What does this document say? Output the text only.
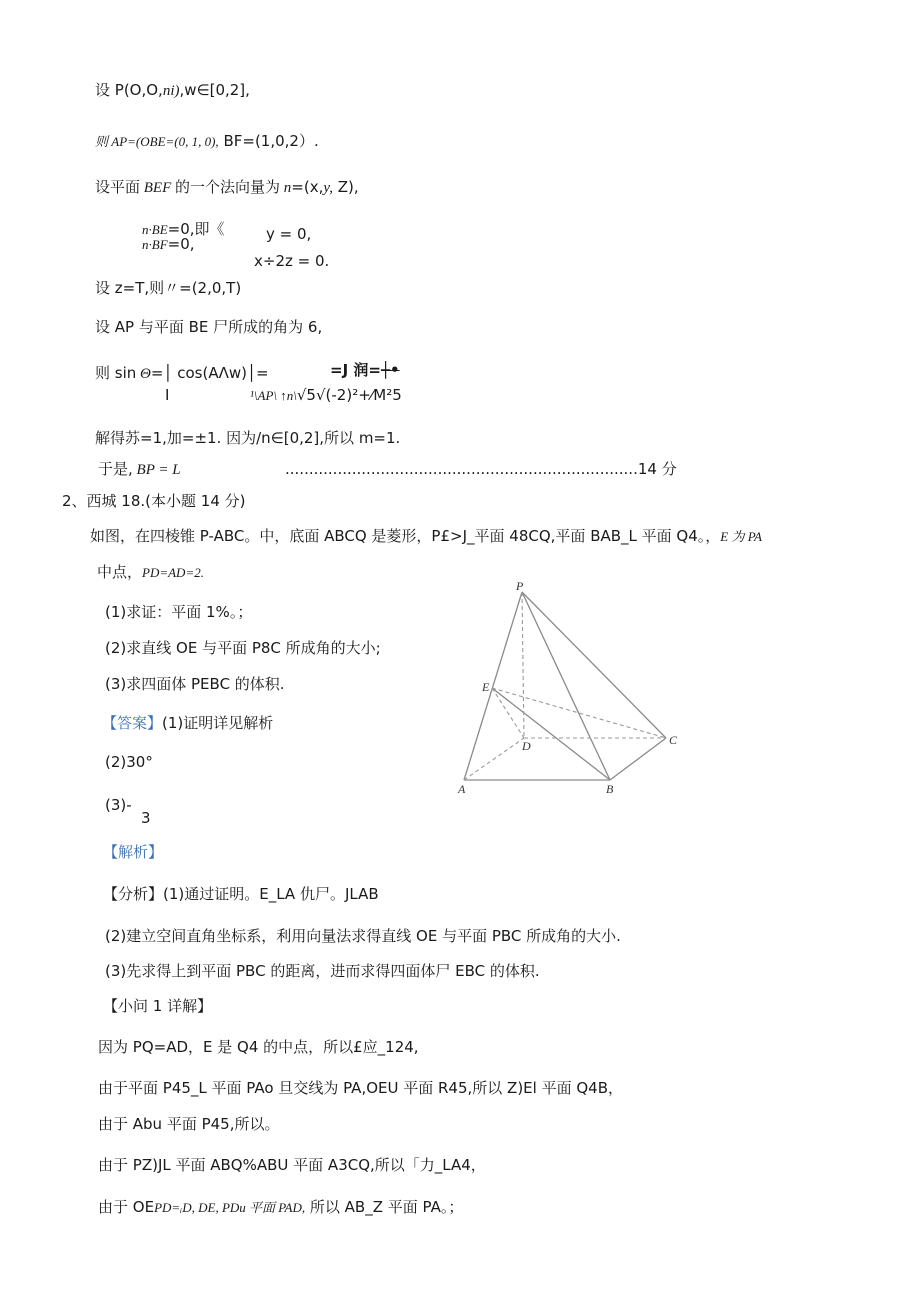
设 P(O,O,ni),w∈[0,2],
则 AP=(OBE=(0, 1, 0), BF=(1,0,2）.
设平面 BEF 的一个法向量为 n=(x,y, Z),
n·BE=0,即《
n·BF=0,
y = 0,
x÷2z = 0.
设 z=T,则〃=(2,0,T)
设 AP 与平面 BE 尸所成的角为 6,
则 sin Θ=│ cos(AΛw)│=	=J 润=┼•
I	¹\AP\ ↑n\√5√(-2)²+⁄M²5
解得苏=1,加=±1. 因为/n∈[0,2],所以 m=1.
于是, BP = L	..........................................................................14 分
2、西城 18.(本小题 14 分)
如图，在四棱锥 P-ABC。中，底面 ABCQ 是菱形，P£>J_平面 48CQ,平面 BAB_L 平面 Q4。，E 为 PA
中点，PD=AD=2.
(1)求证：平面 1%。；
(2)求直线 OE 与平面 P8C 所成角的大小;
(3)求四面体 PEBC 的体积.
【答案】(1)证明详见解析
(2)30°
(3)-
3
【解析】
【分析】(1)通过证明。E_LA 仇尸。JLAB
(2)建立空间直角坐标系，利用向量法求得直线 OE 与平面 PBC 所成角的大小.
(3)先求得上到平面 PBC 的距离，进而求得四面体尸 EBC 的体积.
【小问 1 详解】
因为 PQ=AD，E 是 Q4 的中点，所以£应_124,
由于平面 P45_L 平面 PAo 旦交线为 PA,OEU 平面 R45,所以 Z)El 平面 Q4B，
由于 Abu 平面 P45,所以。
由于 PZ)JL 平面 ABQ%ABU 平面 A3CQ,所以「力_LA4，
由于 OEPD=ᵢD, DE, PDu 平面 PAD, 所以 AB_Z 平面 PA。；
P
E
D	C
A	B
